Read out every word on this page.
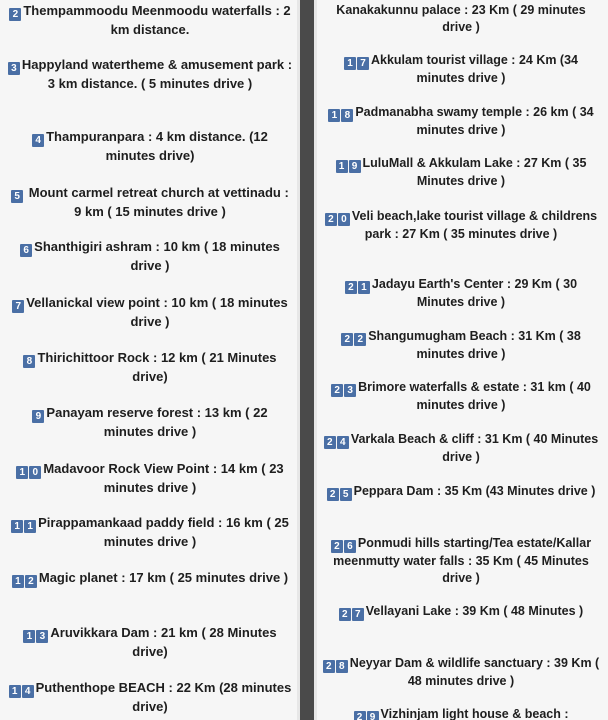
2 Thempammoodu Meenmoodu waterfalls : 2 km distance.
3 Happyland watertheme & amusement park : 3 km distance. ( 5 minutes drive )
4 Thampuranpara : 4 km distance. (12 minutes drive)
5 Mount carmel retreat church at vettinadu : 9 km ( 15 minutes drive )
6 Shanthigiri ashram : 10 km ( 18 minutes drive )
7 Vellanickal view point : 10 km ( 18 minutes drive )
8 Thirichittoor Rock : 12 km ( 21 Minutes drive)
9 Panayam reserve forest : 13 km ( 22 minutes drive )
1 0 Madavoor Rock View Point : 14 km ( 23 minutes drive )
1 1 Pirappamankaad paddy field : 16 km ( 25 minutes drive )
1 2 Magic planet : 17 km ( 25 minutes drive )
1 3 Aruvikkara Dam : 21 km ( 28 Minutes drive)
1 4 Puthenthope BEACH : 22 Km (28 minutes drive)
Kanakakunnu palace : 23 Km ( 29 minutes drive )
1 7 Akkulam tourist village : 24 Km (34 minutes drive )
1 8 Padmanabha swamy temple : 26 km ( 34 minutes drive )
1 9 LuluMall & Akkulam Lake : 27 Km ( 35 Minutes drive )
2 0 Veli beach,lake tourist village & childrens park : 27 Km ( 35 minutes drive )
2 1 Jadayu Earth's Center : 29 Km ( 30 Minutes drive )
2 2 Shangumugham Beach : 31 Km ( 38 minutes drive )
2 3 Brimore waterfalls & estate : 31 km ( 40 minutes drive )
2 4 Varkala Beach & cliff : 31 Km ( 40 Minutes drive )
2 5 Peppara Dam : 35 Km (43 Minutes drive )
2 6 Ponmudi hills starting/Tea estate/Kallar meenmutty water falls : 35 Km ( 45 Minutes drive )
2 7 Vellayani Lake : 39 Km ( 48 Minutes )
2 8 Neyyar Dam & wildlife sanctuary : 39 Km ( 48 minutes drive )
2 9 Vizhinjam light house & beach :
